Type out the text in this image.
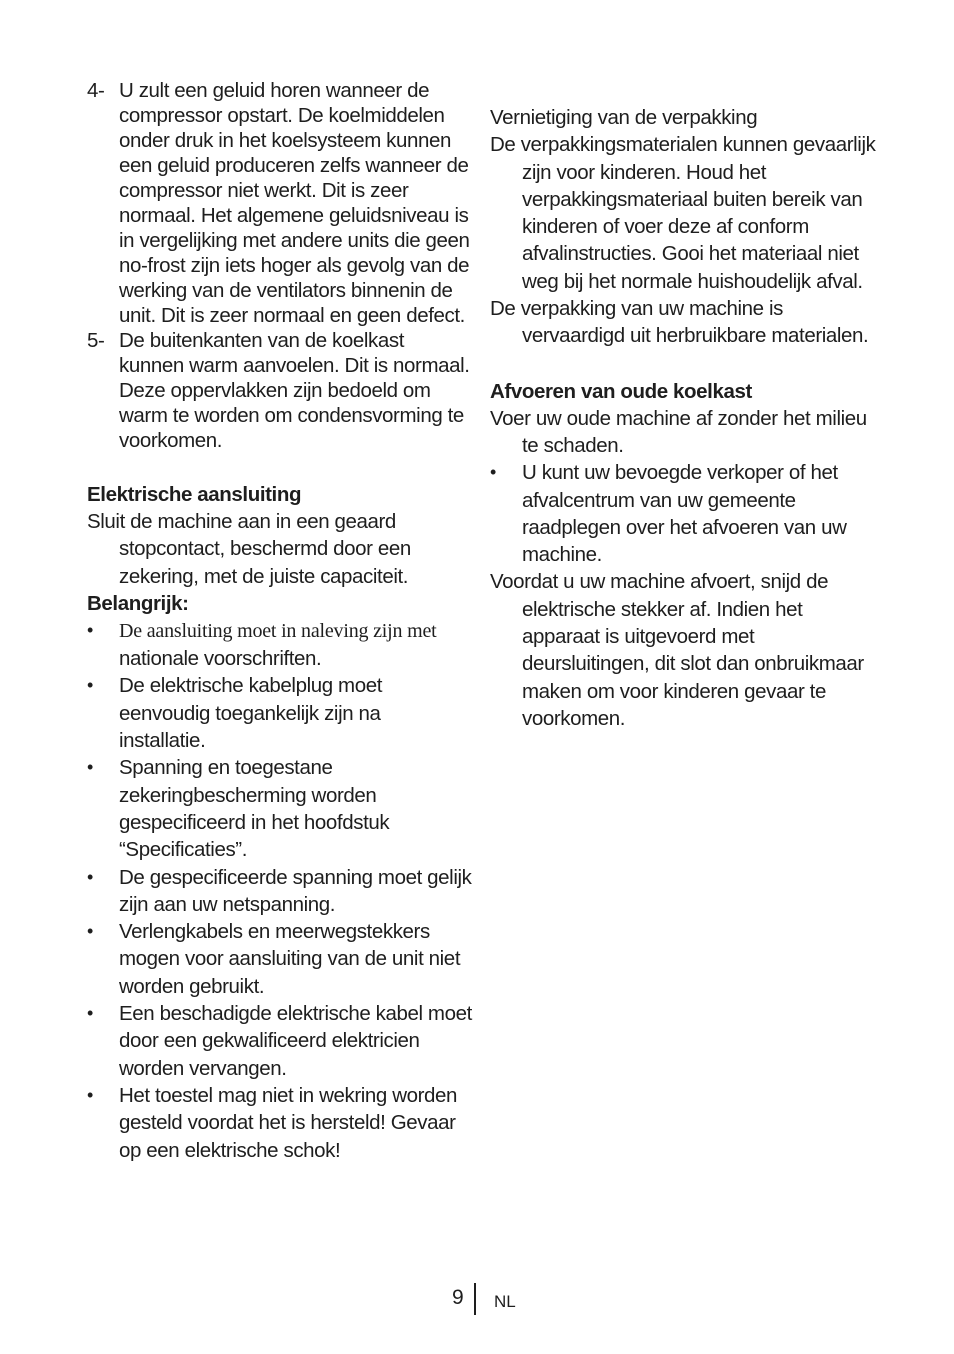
4- U zult een geluid horen wanneer de compressor opstart. De koelmiddelen onder druk in het koelsysteem kunnen een geluid produceren zelfs wanneer de compressor niet werkt. Dit is zeer normaal. Het algemene geluidsniveau is in vergelijking met andere units die geen no-frost zijn iets hoger als gevolg van de werking van de ventilators binnenin de unit. Dit is zeer normaal en geen defect.
5- De buitenkanten van de koelkast kunnen warm aanvoelen. Dit is normaal. Deze oppervlakken zijn bedoeld om warm te worden om condensvorming te voorkomen.
Elektrische aansluiting

Sluit de machine aan in een geaard stopcontact, beschermd door een zekering, met de juiste capaciteit.

Belangrijk:
• De aansluiting moet in naleving zijn met nationale voorschriften.
• De elektrische kabelplug moet eenvoudig toegankelijk zijn na installatie.
• Spanning en toegestane zekeringbescherming worden gespecificeerd in het hoofdstuk “Specificaties”.
• De gespecificeerde spanning moet gelijk zijn aan uw netspanning.
• Verlengkabels en meerwegstekkers mogen voor aansluiting van de unit niet worden gebruikt.
• Een beschadigde elektrische kabel moet door een gekwalificeerd elektricien worden vervangen.
• Het toestel mag niet in wekring worden gesteld voordat het is hersteld! Gevaar op een elektrische schok!

Vernietiging van de verpakking

De verpakkingsmaterialen kunnen gevaarlijk zijn voor kinderen. Houd het verpakkingsmateriaal buiten bereik van kinderen of voer deze af conform afvalinstructies. Gooi het materiaal niet weg bij het normale huishoudelijk afval.

De verpakking van uw machine is vervaardigd uit herbruikbare materialen.

Afvoeren van oude koelkast

Voer uw oude machine af zonder het milieu te schaden.

• U kunt uw bevoegde verkoper of het afvalcentrum van uw gemeente raadplegen over het afvoeren van uw machine.

Voordat u uw machine afvoert, snijd de elektrische stekker af. Indien het apparaat is uitgevoerd met deursluitingen, dit slot dan onbruikmaar maken om voor kinderen gevaar te voorkomen.

9 NL
